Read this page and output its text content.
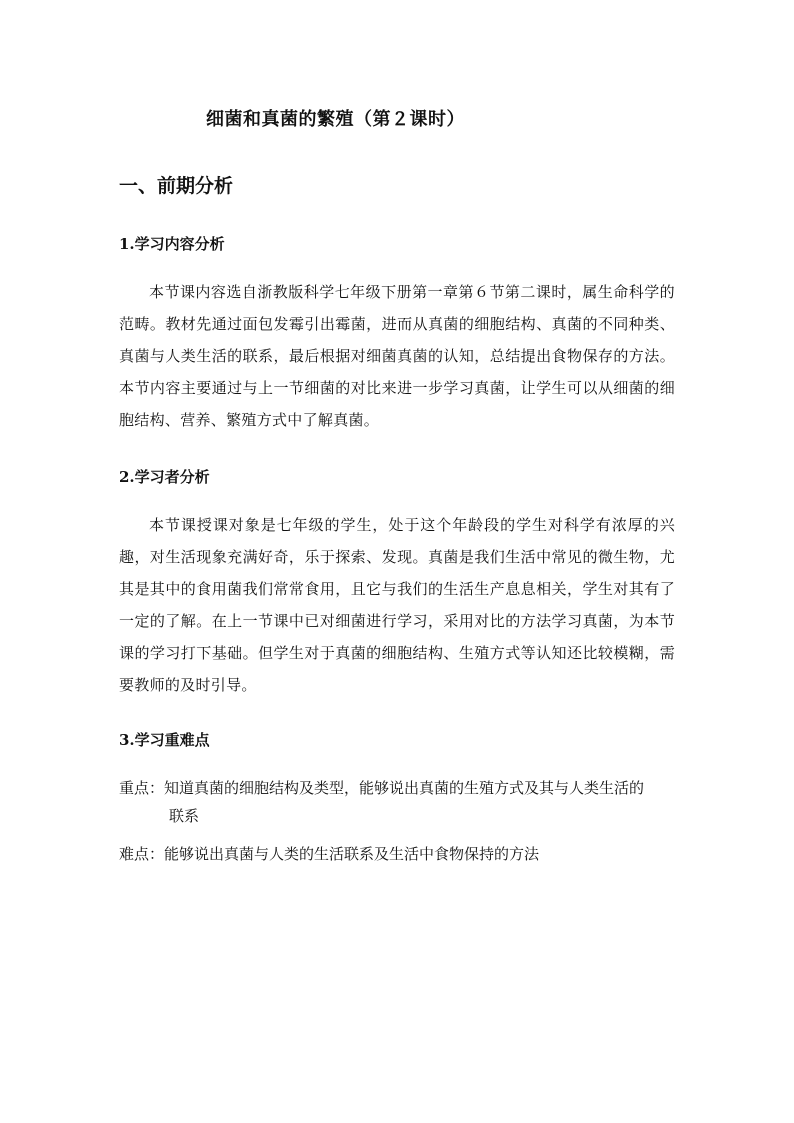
细菌和真菌的繁殖（第２课时）
一、前期分析
1.学习内容分析
本节课内容选自浙教版科学七年级下册第一章第６节第二课时，属生命科学的范畴。教材先通过面包发霉引出霉菌，进而从真菌的细胞结构、真菌的不同种类、真菌与人类生活的联系，最后根据对细菌真菌的认知，总结提出食物保存的方法。本节内容主要通过与上一节细菌的对比来进一步学习真菌，让学生可以从细菌的细胞结构、营养、繁殖方式中了解真菌。
2.学习者分析
本节课授课对象是七年级的学生，处于这个年龄段的学生对科学有浓厚的兴趣，对生活现象充满好奇，乐于探索、发现。真菌是我们生活中常见的微生物，尤其是其中的食用菌我们常常食用，且它与我们的生活生产息息相关，学生对其有了一定的了解。在上一节课中已对细菌进行学习，采用对比的方法学习真菌，为本节课的学习打下基础。但学生对于真菌的细胞结构、生殖方式等认知还比较模糊，需要教师的及时引导。
3.学习重难点
重点：知道真菌的细胞结构及类型，能够说出真菌的生殖方式及其与人类生活的
联系
难点：能够说出真菌与人类的生活联系及生活中食物保持的方法
